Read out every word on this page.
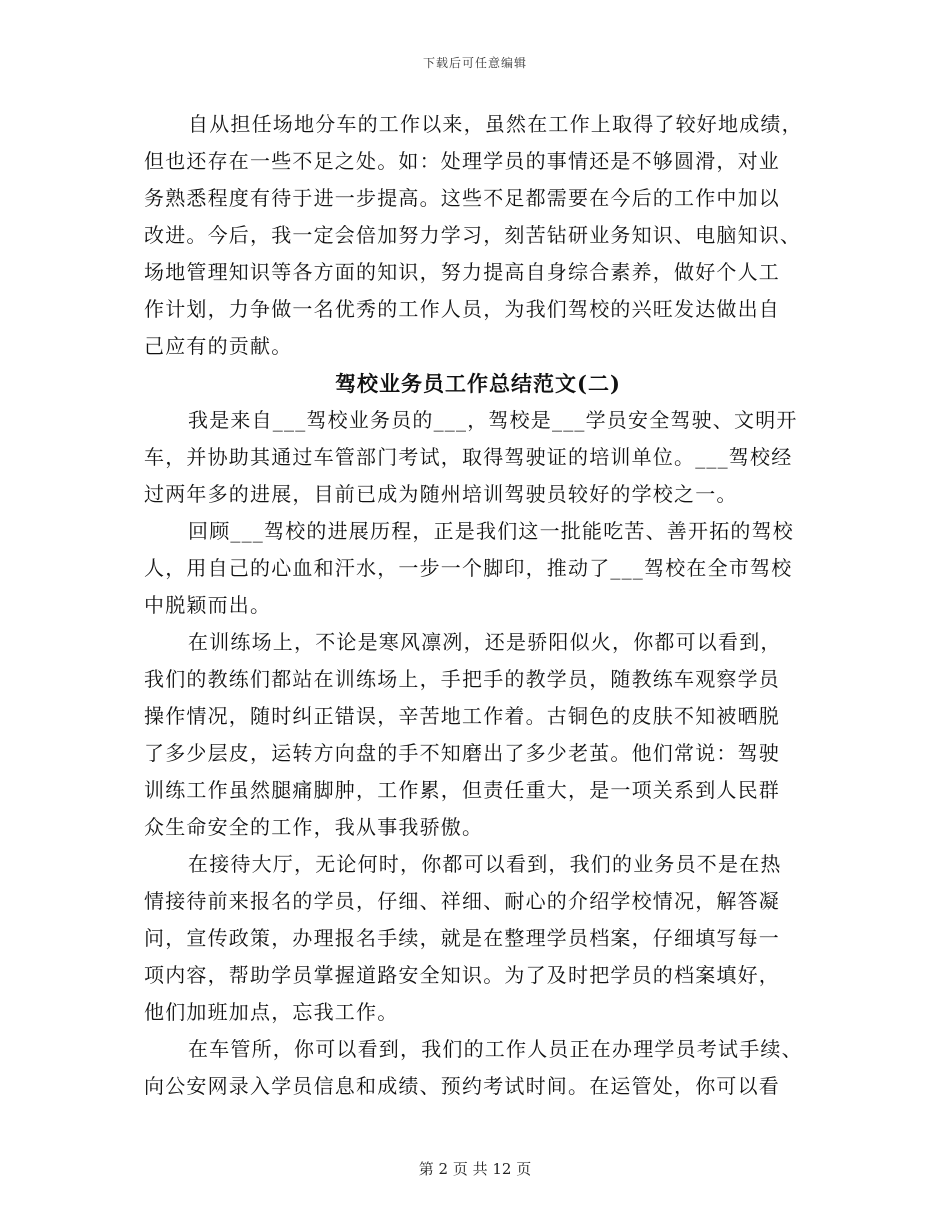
下载后可任意编辑
自从担任场地分车的工作以来，虽然在工作上取得了较好地成绩，
但也还存在一些不足之处。如：处理学员的事情还是不够圆滑，对业
务熟悉程度有待于进一步提高。这些不足都需要在今后的工作中加以
改进。今后，我一定会倍加努力学习，刻苦钻研业务知识、电脑知识、
场地管理知识等各方面的知识，努力提高自身综合素养，做好个人工
作计划，力争做一名优秀的工作人员，为我们驾校的兴旺发达做出自
己应有的贡献。
驾校业务员工作总结范文(二)
我是来自___驾校业务员的___，驾校是___学员安全驾驶、文明开
车，并协助其通过车管部门考试，取得驾驶证的培训单位。___驾校经
过两年多的进展，目前已成为随州培训驾驶员较好的学校之一。
回顾___驾校的进展历程，正是我们这一批能吃苦、善开拓的驾校
人，用自己的心血和汗水，一步一个脚印，推动了___驾校在全市驾校
中脱颖而出。
在训练场上，不论是寒风凛冽，还是骄阳似火，你都可以看到，
我们的教练们都站在训练场上，手把手的教学员，随教练车观察学员
操作情况，随时纠正错误，辛苦地工作着。古铜色的皮肤不知被晒脱
了多少层皮，运转方向盘的手不知磨出了多少老茧。他们常说：驾驶
训练工作虽然腿痛脚肿，工作累，但责任重大，是一项关系到人民群
众生命安全的工作，我从事我骄傲。
在接待大厅，无论何时，你都可以看到，我们的业务员不是在热
情接待前来报名的学员，仔细、祥细、耐心的介绍学校情况，解答凝
问，宣传政策，办理报名手续，就是在整理学员档案，仔细填写每一
项内容，帮助学员掌握道路安全知识。为了及时把学员的档案填好，
他们加班加点，忘我工作。
在车管所，你可以看到，我们的工作人员正在办理学员考试手续、
向公安网录入学员信息和成绩、预约考试时间。在运管处，你可以看
第 2 页 共 12 页
